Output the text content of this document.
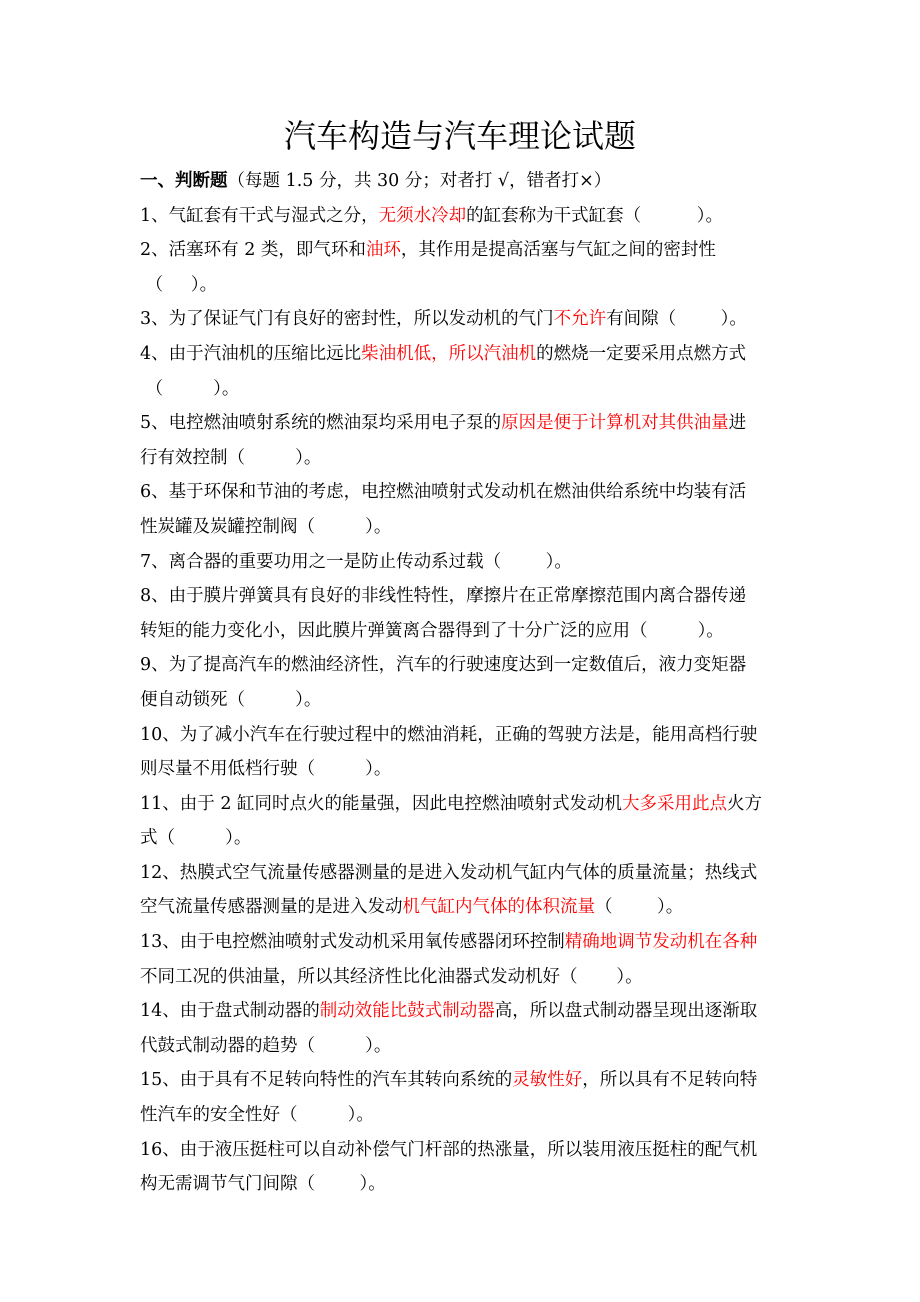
汽车构造与汽车理论试题
一、判断题（每题 1.5 分，共 30 分；对者打 √，错者打×）
1、气缸套有干式与湿式之分，无须水冷却的缸套称为干式缸套（          ）。
2、活塞环有 2 类，即气环和油环，其作用是提高活塞与气缸之间的密封性
（     ）。
3、为了保证气门有良好的密封性，所以发动机的气门不允许有间隙（        ）。
4、由于汽油机的压缩比远比柴油机低，所以汽油机的燃烧一定要采用点燃方式
（         ）。
5、电控燃油喷射系统的燃油泵均采用电子泵的原因是便于计算机对其供油量进
行有效控制（         ）。
6、基于环保和节油的考虑，电控燃油喷射式发动机在燃油供给系统中均装有活
性炭罐及炭罐控制阀（         ）。
7、离合器的重要功用之一是防止传动系过载（        ）。
8、由于膜片弹簧具有良好的非线性特性，摩擦片在正常摩擦范围内离合器传递
转矩的能力变化小，因此膜片弹簧离合器得到了十分广泛的应用（         ）。
9、为了提高汽车的燃油经济性，汽车的行驶速度达到一定数值后，液力变矩器
便自动锁死（         ）。
10、为了减小汽车在行驶过程中的燃油消耗，正确的驾驶方法是，能用高档行驶
则尽量不用低档行驶（         ）。
11、由于 2 缸同时点火的能量强，因此电控燃油喷射式发动机大多采用此点火方
式（         ）。
12、热膜式空气流量传感器测量的是进入发动机气缸内气体的质量流量；热线式
空气流量传感器测量的是进入发动机气缸内气体的体积流量（        ）。
13、由于电控燃油喷射式发动机采用氧传感器闭环控制精确地调节发动机在各种
不同工况的供油量，所以其经济性比化油器式发动机好（       ）。
14、由于盘式制动器的制动效能比鼓式制动器高，所以盘式制动器呈现出逐渐取
代鼓式制动器的趋势（         ）。
15、由于具有不足转向特性的汽车其转向系统的灵敏性好，所以具有不足转向特
性汽车的安全性好（         ）。
16、由于液压挺柱可以自动补偿气门杆部的热涨量，所以装用液压挺柱的配气机
构无需调节气门间隙（        ）。
